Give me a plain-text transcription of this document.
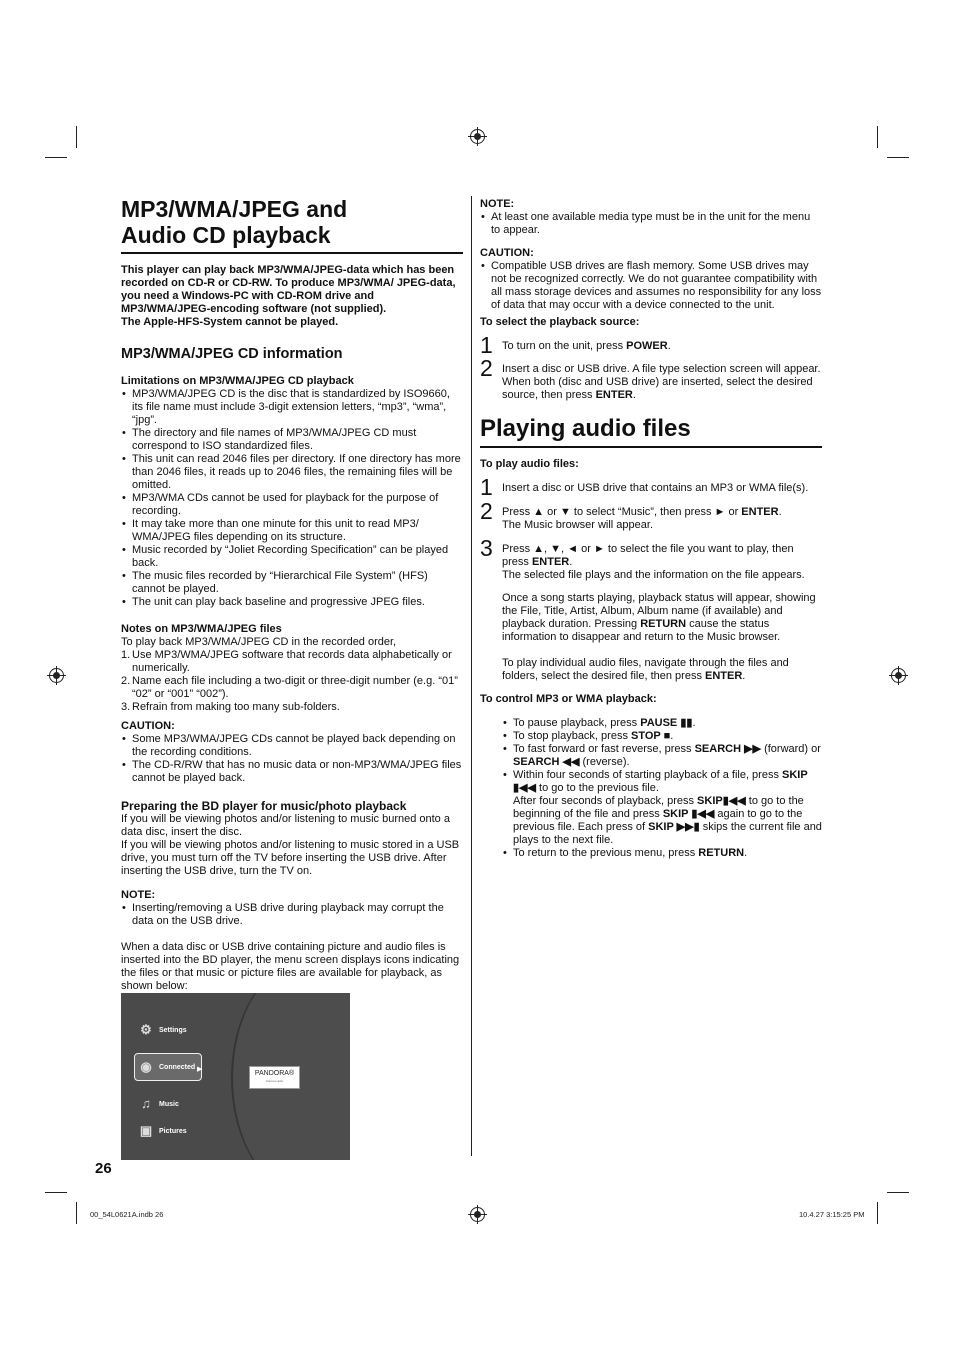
MP3/WMA/JPEG and
Audio CD playback

This player can play back MP3/WMA/JPEG-data which has been recorded on CD-R or CD-RW. To produce MP3/WMA/ JPEG-data, you need a Windows-PC with CD-ROM drive and MP3/WMA/JPEG-encoding software (not supplied).

The Apple-HFS-System cannot be played.

MP3/WMA/JPEG CD information

Limitations on MP3/WMA/JPEG CD playback

• MP3/WMA/JPEG CD is the disc that is standardized by ISO9660, its file name must include 3-digit extension letters, “mp3”, “wma”, “jpg”.
• The directory and file names of MP3/WMA/JPEG CD must correspond to ISO standardized files.
• This unit can read 2046 files per directory. If one directory has more than 2046 files, it reads up to 2046 files, the remaining files will be omitted.
• MP3/WMA CDs cannot be used for playback for the purpose of recording.
• It may take more than one minute for this unit to read MP3/ WMA/JPEG files depending on its structure.
• Music recorded by “Joliet Recording Specification” can be played back.
• The music files recorded by “Hierarchical File System” (HFS) cannot be played.
• The unit can play back baseline and progressive JPEG files.

Notes on MP3/WMA/JPEG files

To play back MP3/WMA/JPEG CD in the recorded order,

1. Use MP3/WMA/JPEG software that records data alphabetically or numerically.
2. Name each file including a two-digit or three-digit number (e.g. “01” “02” or “001” “002”).
3. Refrain from making too many sub-folders.

CAUTION:

• Some MP3/WMA/JPEG CDs cannot be played back depending on the recording conditions.
• The CD-R/RW that has no music data or non-MP3/WMA/JPEG files cannot be played back.

Preparing the BD player for music/photo playback

If you will be viewing photos and/or listening to music burned onto a data disc, insert the disc.

If you will be viewing photos and/or listening to music stored in a USB drive, you must turn off the TV before inserting the USB drive. After inserting the USB drive, turn the TV on.

NOTE:

• Inserting/removing a USB drive during playback may corrupt the data on the USB drive.

When a data disc or USB drive containing picture and audio files is inserted into the BD player, the menu screen displays icons indicating the files or that music or picture files are available for playback, as shown below:

⚙	Settings
◉	Connected ▶
♫	Music
▣ Pictures
PANDORA®
internet radio

NOTE:

• At least one available media type must be in the unit for the menu to appear.

CAUTION:

• Compatible USB drives are flash memory. Some USB drives may not be recognized correctly. We do not guarantee compatibility with all mass storage devices and assumes no responsibility for any loss of data that may occur with a device connected to the unit.

To select the playback source:

1 To turn on the unit, press POWER.
2 Insert a disc or USB drive. A file type selection screen will appear.

When both (disc and USB drive) are inserted, select the desired source, then press ENTER.

Playing audio files

To play audio files:

1 Insert a disc or USB drive that contains an MP3 or WMA file(s).

2 Press ▲ or ▼ to select “Music”, then press ► or ENTER.

The Music browser will appear.

3 Press ▲, ▼, ◄ or ► to select the file you want to play, then press ENTER.

The selected file plays and the information on the file appears.

Once a song starts playing, playback status will appear, showing the File, Title, Artist, Album, Album name (if available) and playback duration. Pressing RETURN cause the status information to disappear and return to the Music browser.

To play individual audio files, navigate through the files and folders, select the desired file, then press ENTER.

To control MP3 or WMA playback:

• To pause playback, press PAUSE ▮▮.
• To stop playback, press STOP ■.
• To fast forward or fast reverse, press SEARCH ▶▶ (forward) or SEARCH ◀◀ (reverse).

• Within four seconds of starting playback of a file, press SKIP ▮◀◀ to go to the previous file.

After four seconds of playback, press SKIP▮◀◀ to go to the beginning of the file and press SKIP ▮◀◀ again to go to the previous file. Each press of SKIP ▶▶▮ skips the current file and plays to the next file.

• To return to the previous menu, press RETURN.
26
00_54L0621A.indb 26	10.4.27 3:15:25 PM
